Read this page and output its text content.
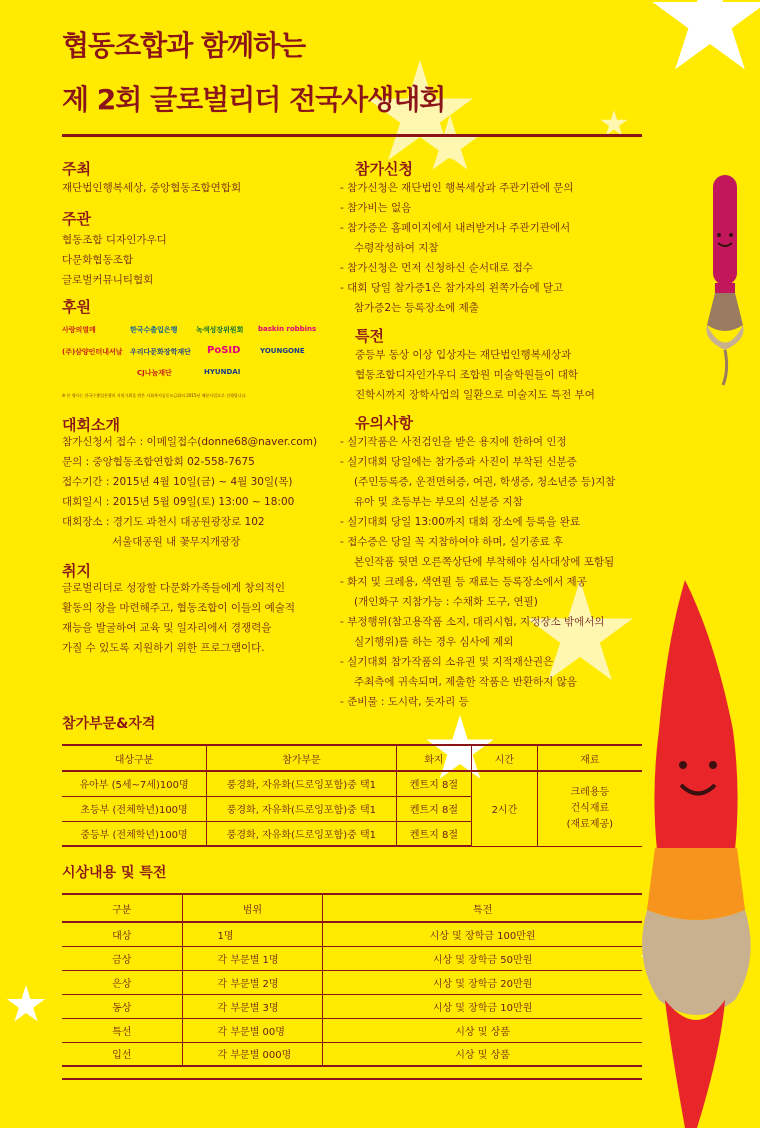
협동조합과 함께하는
제 2회 글로벌리더 전국사생대회
주최
재단법인행복세상, 중앙협동조합연합회
주관
협동조합 디자인가우디
다문화협동조합
글로벌커뮤니티협회
후원
사랑의열매	한국수출입은행	녹색성장위원회 baskin robbins
(주)삼양인터내셔날 우리다문화장학재단 PoSID	YOUNGONE
CJ나눔재단	HYUNDAI
※ 본 행사는 한국수출입은행의 지원기획을 받은 사회복지공동모금회의 2015년 배분사업으로 진행됩니다.
대회소개
참가신청서 접수 : 이메일접수(donne68@naver.com)
문의 : 중앙협동조합연합회 02-558-7675
접수기간 : 2015년 4월 10일(금) ~ 4월 30일(목)
대회일시 : 2015년 5월 09일(토) 13:00 ~ 18:00
대회장소 : 경기도 과천시 대공원광장로 102
서울대공원 내 꽃무지개광장
취지
글로벌리더로 성장할 다문화가족들에게 창의적인
활동의 장을 마련해주고, 협동조합이 이들의 예술적
재능을 발굴하여 교육 및 일자리에서 경쟁력을
가질 수 있도록 지원하기 위한 프로그램이다.
참가신청
- 참가신청은 재단법인 행복세상과 주관기관에 문의
- 참가비는 없음
- 참가증은 홈페이지에서 내려받거나 주관기관에서
수령작성하여 지참
- 참가신청은 먼저 신청하신 순서대로 접수
- 대회 당일 참가증1은 참가자의 왼쪽가슴에 달고
참가증2는 등록장소에 제출
특전
중등부 동상 이상 입상자는 재단법인행복세상과
협동조합디자인가우디 조합원 미술학원들이 대학
진학시까지 장학사업의 일환으로 미술지도 특전 부여
유의사항
- 실기작품은 사전검인을 받은 용지에 한하여 인정
- 실기대회 당일에는 참가증과 사진이 부착된 신분증
(주민등록증, 운전면허증, 여권, 학생증, 청소년증 등)지참
유아 및 초등부는 부모의 신분증 지참
- 실기대회 당일 13:00까지 대회 장소에 등록을 완료
- 접수증은 당일 꼭 지참하여야 하며, 실기종료 후
본인작품 뒷면 오른쪽상단에 부착해야 심사대상에 포함됨
- 화지 및 크레용, 색연필 등 재료는 등록장소에서 제공
(개인화구 지참가능 : 수채화 도구, 연필)
- 부정행위(참고용작품 소지, 대리시험, 지정장소 밖에서의
실기행위)를 하는 경우 심사에 제외
- 실기대회 참가작품의 소유권 및 지적재산권은
주최측에 귀속되며, 제출한 작품은 반환하지 않음
- 준비물 : 도시락, 돗자리 등
참가부문&자격
대상구분	참가부문	화지	시간	재료
유아부 (5세~7세)100명	풍경화, 자유화(드로잉포함)중 택1	켄트지 8절	2시간	크레용등
건식재료
(재료제공)

초등부 (전체학년)100명	풍경화, 자유화(드로잉포함)중 택1	켄트지 8절		
중등부 (전체학년)100명	풍경화, 자유화(드로잉포함)중 택1	켄트지 8절		
시상내용 및 특전
구분	범위	특전
대상	1명	시상 및 장학금 100만원
금상	각 부문별 1명	시상 및 장학금 50만원
은상	각 부문별 2명	시상 및 장학금 20만원
동상	각 부문별 3명	시상 및 장학금 10만원
특선	각 부문별 00명	시상 및 상품
입선	각 부문별 000명	시상 및 상품
